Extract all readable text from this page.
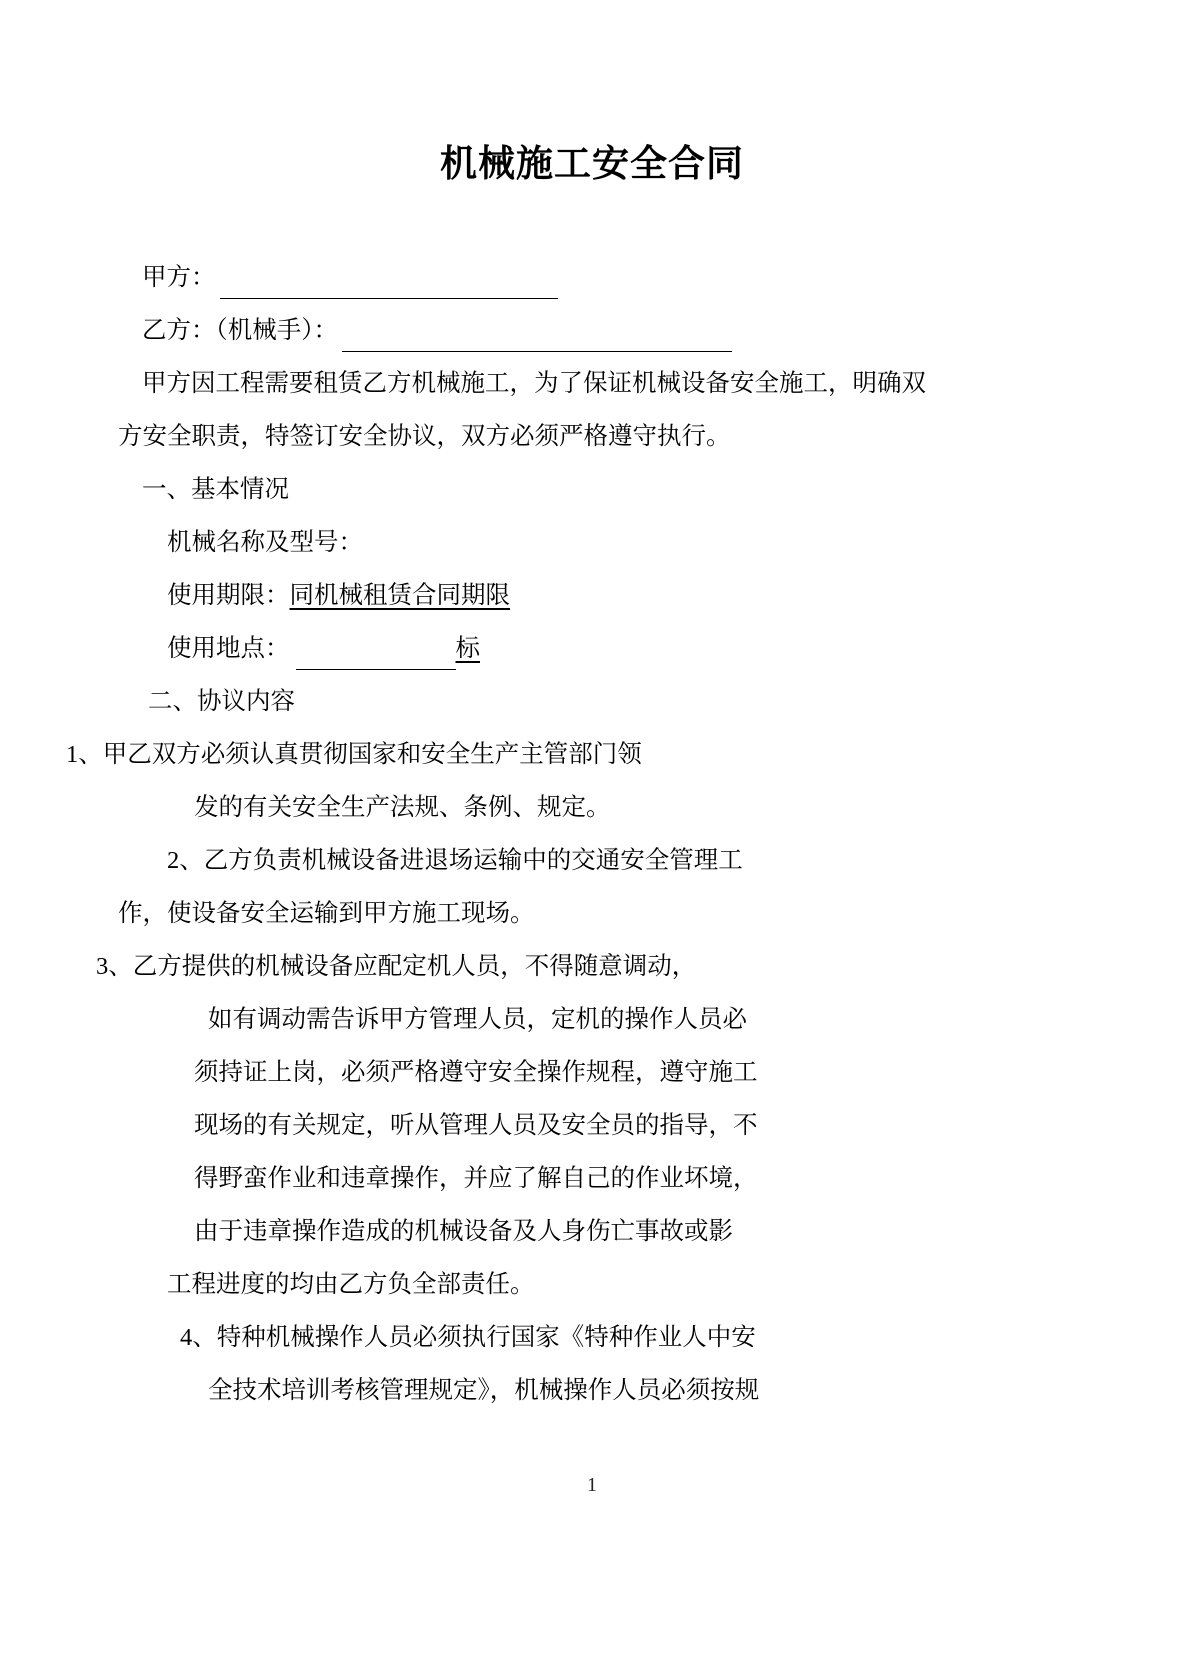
机械施工安全合同
甲方：
乙方：（机械手）：
甲方因工程需要租赁乙方机械施工，为了保证机械设备安全施工，明确双
方安全职责，特签订安全协议，双方必须严格遵守执行。
一、基本情况
机械名称及型号：
使用期限：同机械租赁合同期限
使用地点：	标
二、协议内容
1、甲乙双方必须认真贯彻国家和安全生产主管部门领
发的有关安全生产法规、条例、规定。
2、乙方负责机械设备进退场运输中的交通安全管理工
作，使设备安全运输到甲方施工现场。
3、乙方提供的机械设备应配定机人员，不得随意调动，
如有调动需告诉甲方管理人员，定机的操作人员必
须持证上岗，必须严格遵守安全操作规程，遵守施工
现场的有关规定，听从管理人员及安全员的指导，不
得野蛮作业和违章操作，并应了解自己的作业坏境，
由于违章操作造成的机械设备及人身伤亡事故或影
工程进度的均由乙方负全部责任。
4、特种机械操作人员必须执行国家《特种作业人中安
全技术培训考核管理规定》，机械操作人员必须按规
1
